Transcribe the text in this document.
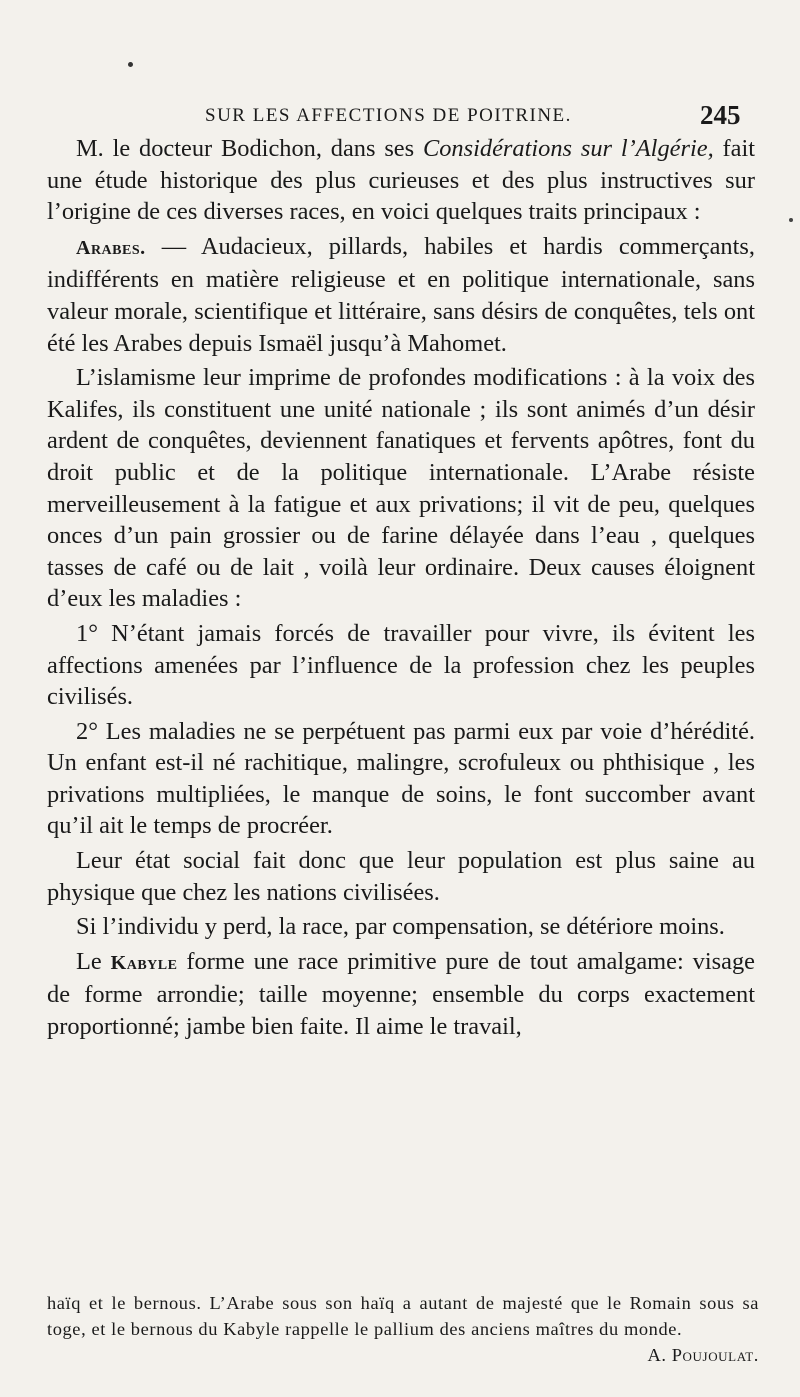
SUR LES AFFECTIONS DE POITRINE.	245

M. le docteur Bodichon, dans ses Considérations sur l’Algérie, fait une étude historique des plus curieuses et des plus instructives sur l’origine de ces diverses races, en voici quelques traits principaux :

Arabes. — Audacieux, pillards, habiles et hardis commerçants, indifférents en matière religieuse et en politique internationale, sans valeur morale, scientifique et littéraire, sans désirs de conquêtes, tels ont été les Arabes depuis Ismaël jusqu’à Mahomet.

L’islamisme leur imprime de profondes modifications : à la voix des Kalifes, ils constituent une unité nationale ; ils sont animés d’un désir ardent de conquêtes, deviennent fanatiques et fervents apôtres, font du droit public et de la politique internationale. L’Arabe résiste merveilleusement à la fatigue et aux privations; il vit de peu, quelques onces d’un pain grossier ou de farine délayée dans l’eau , quelques tasses de café ou de lait , voilà leur ordinaire. Deux causes éloignent d’eux les maladies :

1° N’étant jamais forcés de travailler pour vivre, ils évitent les affections amenées par l’influence de la profession chez les peuples civilisés.

2° Les maladies ne se perpétuent pas parmi eux par voie d’hérédité. Un enfant est-il né rachitique, malingre, scrofuleux ou phthisique , les privations multipliées, le manque de soins, le font succomber avant qu’il ait le temps de procréer.

Leur état social fait donc que leur population est plus saine au physique que chez les nations civilisées.

Si l’individu y perd, la race, par compensation, se détériore moins.

Le Kabyle forme une race primitive pure de tout amalgame: visage de forme arrondie; taille moyenne; ensemble du corps exactement proportionné; jambe bien faite. Il aime le travail,

haïq et le bernous. L’Arabe sous son haïq a autant de majesté que le Romain sous sa toge, et le bernous du Kabyle rappelle le pallium des anciens maîtres du monde.
A. Poujoulat.
